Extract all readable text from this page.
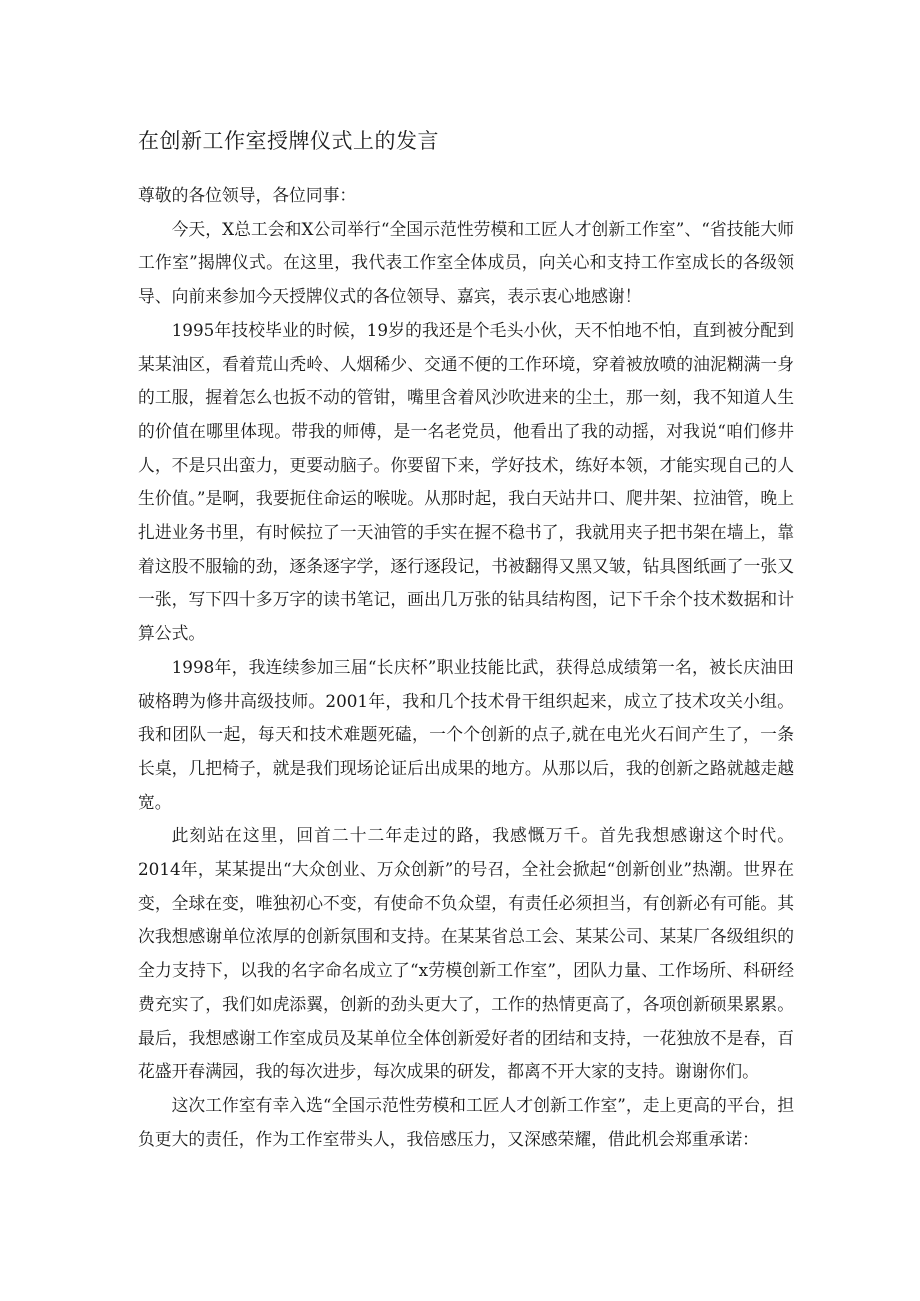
在创新工作室授牌仪式上的发言

尊敬的各位领导，各位同事：

今天，X总工会和X公司举行“全国示范性劳模和工匠人才创新工作室”、“省技能大师工作室”揭牌仪式。在这里，我代表工作室全体成员，向关心和支持工作室成长的各级领导、向前来参加今天授牌仪式的各位领导、嘉宾，表示衷心地感谢！

1995年技校毕业的时候，19岁的我还是个毛头小伙，天不怕地不怕，直到被分配到某某油区，看着荒山秃岭、人烟稀少、交通不便的工作环境，穿着被放喷的油泥糊满一身的工服，握着怎么也扳不动的管钳，嘴里含着风沙吹进来的尘土，那一刻，我不知道人生的价值在哪里体现。带我的师傅，是一名老党员，他看出了我的动摇，对我说“咱们修井人，不是只出蛮力，更要动脑子。你要留下来，学好技术，练好本领，才能实现自己的人生价值。”是啊，我要扼住命运的喉咙。从那时起，我白天站井口、爬井架、拉油管，晚上扎进业务书里，有时候拉了一天油管的手实在握不稳书了，我就用夹子把书架在墙上，靠着这股不服输的劲，逐条逐字学，逐行逐段记，书被翻得又黑又皱，钻具图纸画了一张又一张，写下四十多万字的读书笔记，画出几万张的钻具结构图，记下千余个技术数据和计算公式。

1998年，我连续参加三届“长庆杯”职业技能比武，获得总成绩第一名，被长庆油田破格聘为修井高级技师。2001年，我和几个技术骨干组织起来，成立了技术攻关小组。我和团队一起，每天和技术难题死磕，一个个创新的点子,就在电光火石间产生了，一条长桌，几把椅子，就是我们现场论证后出成果的地方。从那以后，我的创新之路就越走越宽。

此刻站在这里，回首二十二年走过的路，我感慨万千。首先我想感谢这个时代。2014年，某某提出“大众创业、万众创新”的号召，全社会掀起“创新创业”热潮。世界在变，全球在变，唯独初心不变，有使命不负众望，有责任必须担当，有创新必有可能。其次我想感谢单位浓厚的创新氛围和支持。在某某省总工会、某某公司、某某厂各级组织的全力支持下，以我的名字命名成立了“x劳模创新工作室”，团队力量、工作场所、科研经费充实了，我们如虎添翼，创新的劲头更大了，工作的热情更高了，各项创新硕果累累。最后，我想感谢工作室成员及某单位全体创新爱好者的团结和支持，一花独放不是春，百花盛开春满园，我的每次进步，每次成果的研发，都离不开大家的支持。谢谢你们。

这次工作室有幸入选“全国示范性劳模和工匠人才创新工作室”，走上更高的平台，担负更大的责任，作为工作室带头人，我倍感压力，又深感荣耀，借此机会郑重承诺：
